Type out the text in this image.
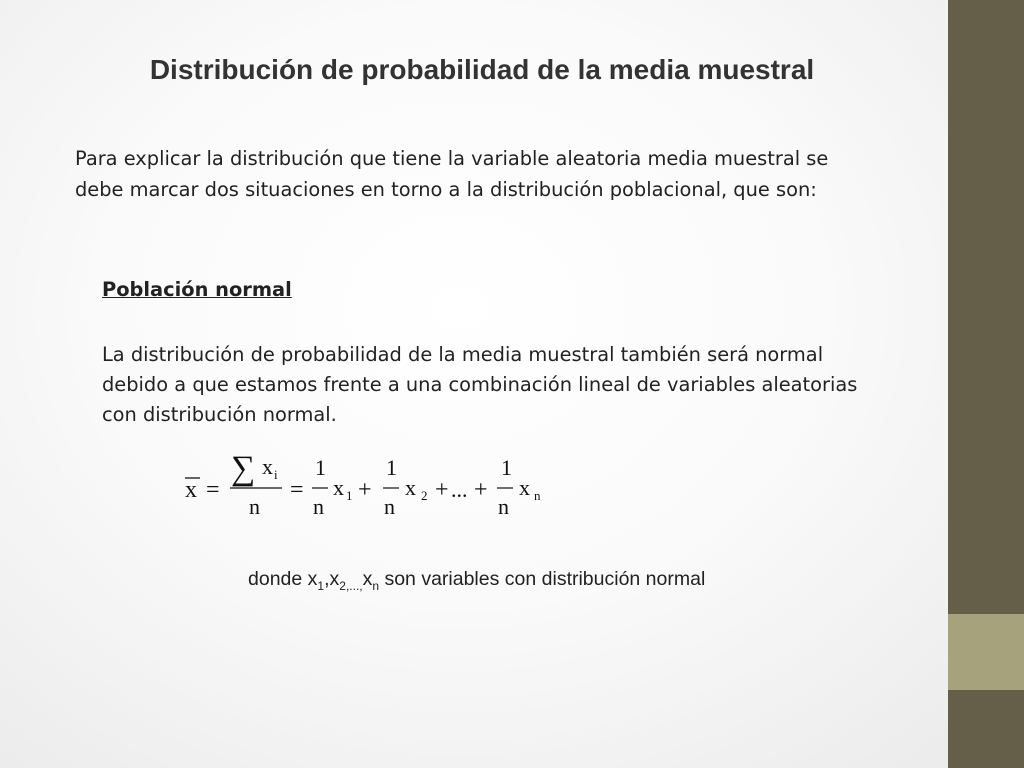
Distribución de probabilidad de la media muestral

Para explicar la distribución que tiene la variable aleatoria media muestral se debe marcar dos situaciones en torno a la distribución poblacional, que son:

Población normal

La distribución de probabilidad de la media muestral también será normal debido a que estamos frente a una combinación lineal de variables aleatorias con distribución normal.

x =
∑ x i
n
=
1
n
x 1 +
1
n
x 2 + ... +
1
n
x n

donde $x_1,x_{2,...,}x_n$ son variables con distribución normal
